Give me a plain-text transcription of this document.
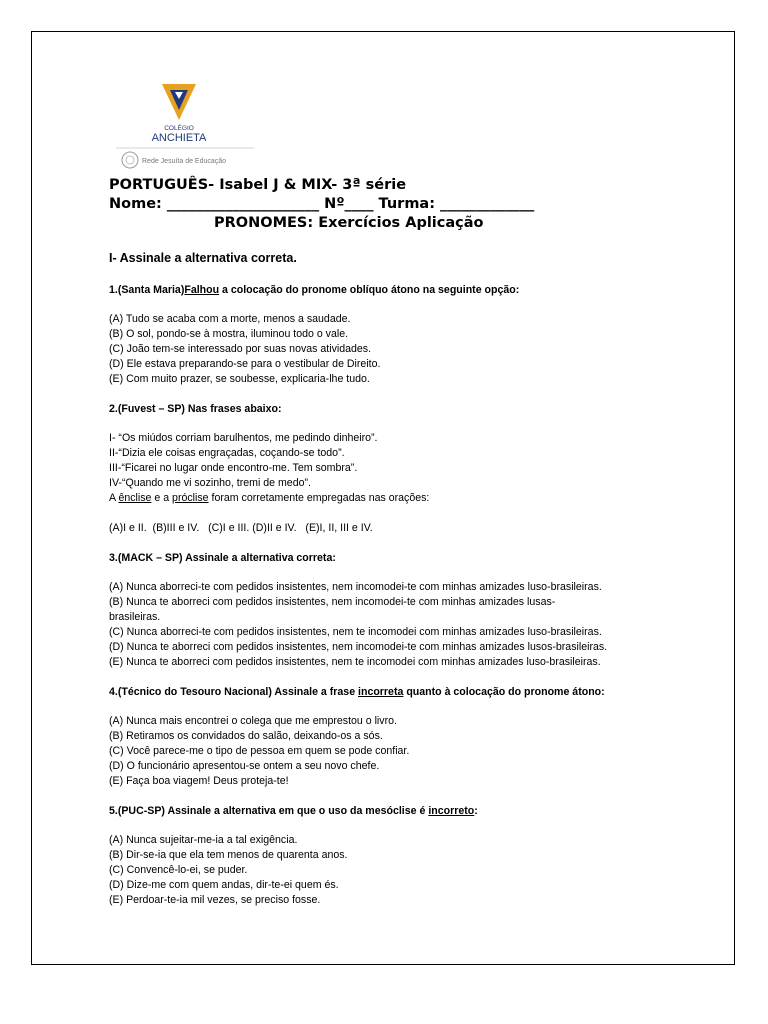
COLÉGIO
ANCHIETA
Rede Jesuíta de Educação
PORTUGUÊS- Isabel J & MIX- 3ª série
Nome: _____________________ Nº____ Turma: _____________
PRONOMES: Exercícios Aplicação
I- Assinale a alternativa correta.
1.(Santa Maria)Falhou a colocação do pronome oblíquo átono na seguinte opção:
(A) Tudo se acaba com a morte, menos a saudade.
(B) O sol, pondo-se à mostra, iluminou todo o vale.
(C) João tem-se interessado por suas novas atividades.
(D) Ele estava preparando-se para o vestibular de Direito.
(E) Com muito prazer, se soubesse, explicaria-lhe tudo.
2.(Fuvest – SP) Nas frases abaixo:
I- “Os miúdos corriam barulhentos, me pedindo dinheiro”.
II-“Dizia ele coisas engraçadas, coçando-se todo”.
III-“Ficarei no lugar onde encontro-me. Tem sombra”.
IV-“Quando me vi sozinho, tremi de medo”.
A ênclise e a próclise foram corretamente empregadas nas orações:
(A)I e II.  (B)III e IV.   (C)I e III. (D)II e IV.   (E)I, II, III e IV.
3.(MACK – SP) Assinale a alternativa correta:
(A) Nunca aborreci-te com pedidos insistentes, nem incomodei-te com minhas amizades luso-brasileiras.
(B) Nunca te aborreci com pedidos insistentes, nem incomodei-te com minhas amizades lusas-
brasileiras.
(C) Nunca aborreci-te com pedidos insistentes, nem te incomodei com minhas amizades luso-brasileiras.
(D) Nunca te aborreci com pedidos insistentes, nem incomodei-te com minhas amizades lusos-brasileiras.
(E) Nunca te aborreci com pedidos insistentes, nem te incomodei com minhas amizades luso-brasileiras.
4.(Técnico do Tesouro Nacional) Assinale a frase incorreta quanto à colocação do pronome átono:
(A) Nunca mais encontrei o colega que me emprestou o livro.
(B) Retiramos os convidados do salão, deixando-os a sós.
(C) Você parece-me o tipo de pessoa em quem se pode confiar.
(D) O funcionário apresentou-se ontem a seu novo chefe.
(E) Faça boa viagem! Deus proteja-te!
5.(PUC-SP) Assinale a alternativa em que o uso da mesóclise é incorreto:
(A) Nunca sujeitar-me-ia a tal exigência.
(B) Dir-se-ia que ela tem menos de quarenta anos.
(C) Convencê-lo-ei, se puder.
(D) Dize-me com quem andas, dir-te-ei quem és.
(E) Perdoar-te-ia mil vezes, se preciso fosse.
